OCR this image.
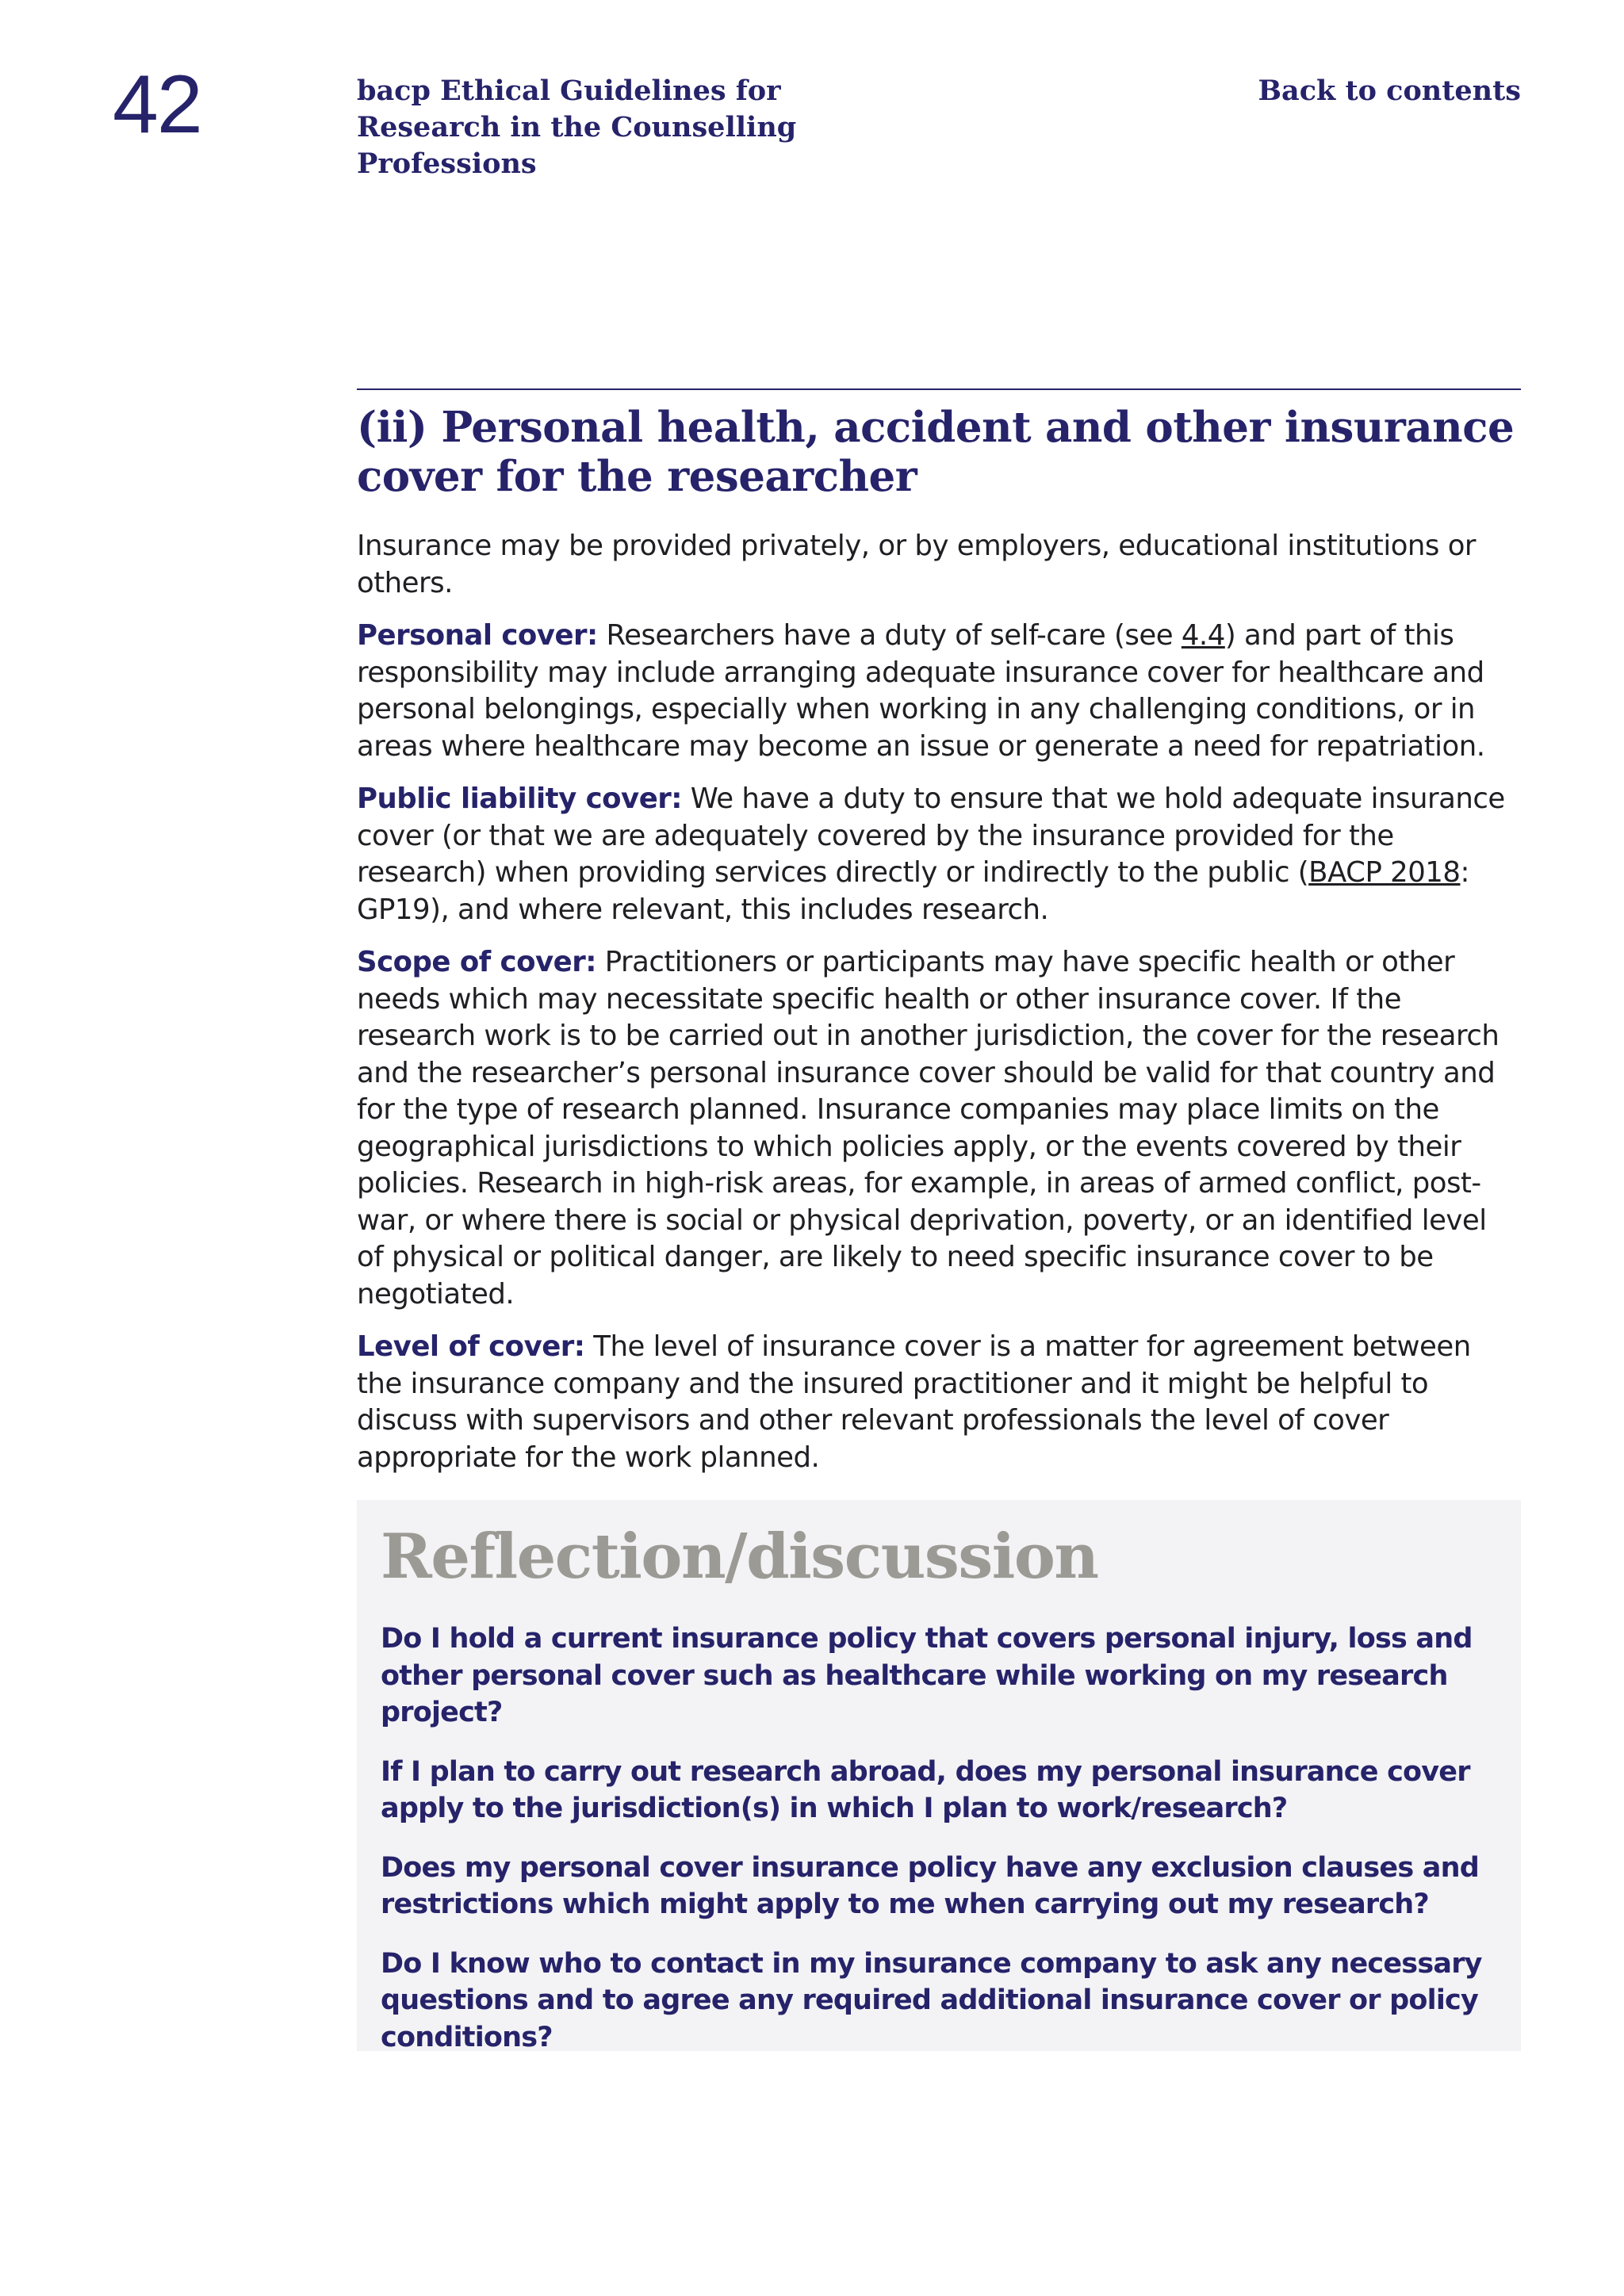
42	bacp Ethical Guidelines for Research in the Counselling Professions
Back to contents
(ii) Personal health, accident and other insurance cover for the researcher

Insurance may be provided privately, or by employers, educational institutions or others.

Personal cover: Researchers have a duty of self-care (see 4.4) and part of this responsibility may include arranging adequate insurance cover for healthcare and personal belongings, especially when working in any challenging conditions, or in areas where healthcare may become an issue or generate a need for repatriation.

Public liability cover: We have a duty to ensure that we hold adequate insurance cover (or that we are adequately covered by the insurance provided for the research) when providing services directly or indirectly to the public (BACP 2018: GP19), and where relevant, this includes research.

Scope of cover: Practitioners or participants may have specific health or other needs which may necessitate specific health or other insurance cover. If the research work is to be carried out in another jurisdiction, the cover for the research and the researcher’s personal insurance cover should be valid for that country and for the type of research planned. Insurance companies may place limits on the geographical jurisdictions to which policies apply, or the events covered by their policies. Research in high-risk areas, for example, in areas of armed conflict, post-war, or where there is social or physical deprivation, poverty, or an identified level of physical or political danger, are likely to need specific insurance cover to be negotiated.

Level of cover: The level of insurance cover is a matter for agreement between the insurance company and the insured practitioner and it might be helpful to discuss with supervisors and other relevant professionals the level of cover appropriate for the work planned.

Reflection/discussion

Do I hold a current insurance policy that covers personal injury, loss and other personal cover such as healthcare while working on my research project?

If I plan to carry out research abroad, does my personal insurance cover apply to the jurisdiction(s) in which I plan to work/research?

Does my personal cover insurance policy have any exclusion clauses and restrictions which might apply to me when carrying out my research?

Do I know who to contact in my insurance company to ask any necessary questions and to agree any required additional insurance cover or policy conditions?
